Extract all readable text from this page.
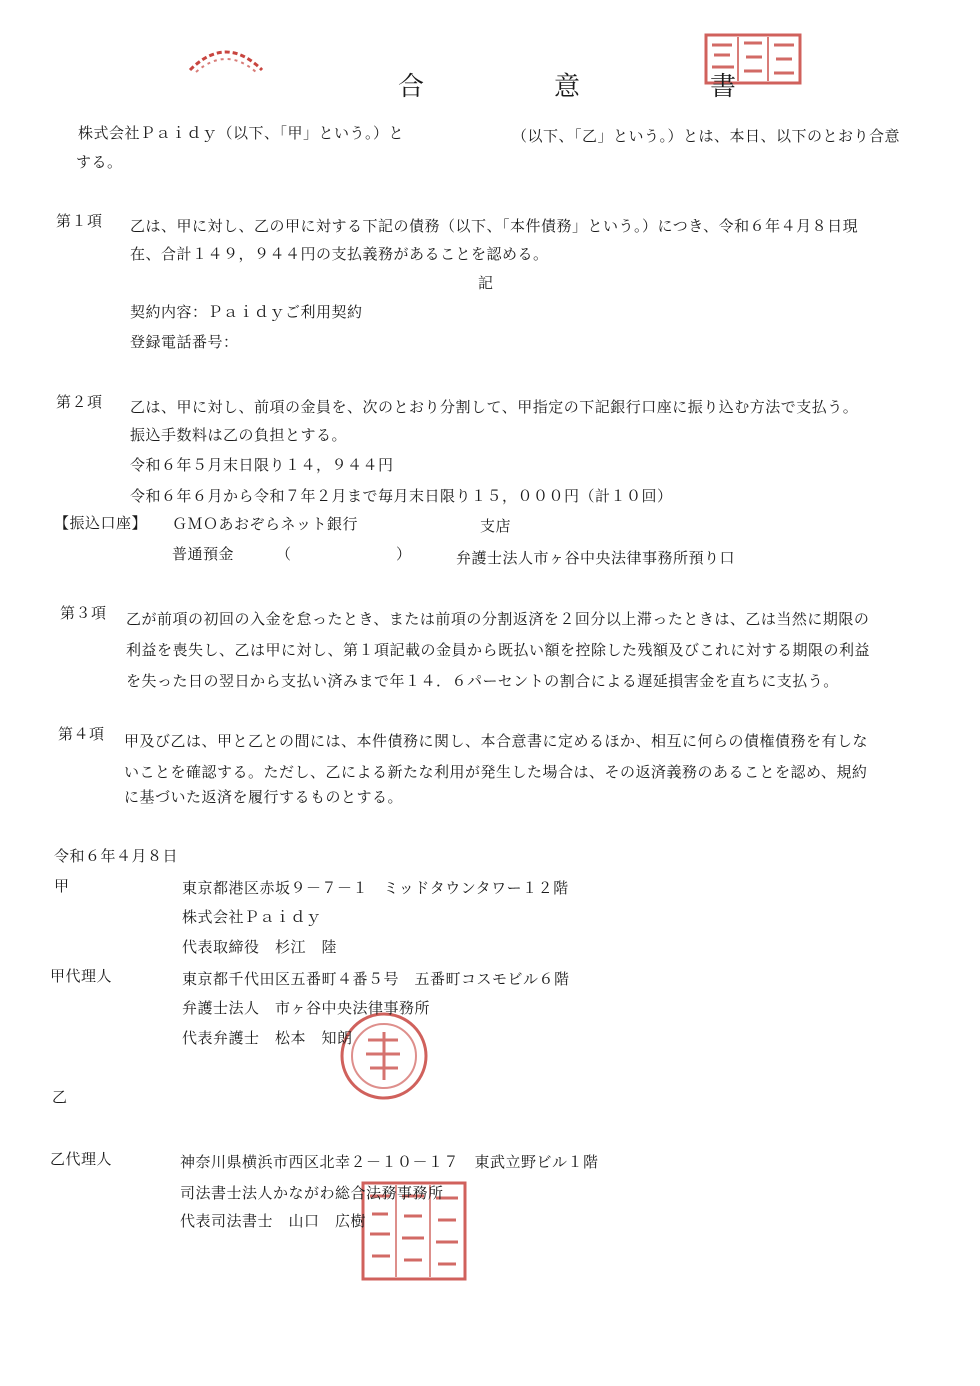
合　意　書
株式会社Ｐａｉｄｙ（以下、「甲」という。）と	（以下、「乙」という。）とは、本日、以下のとおり合意
する。
第１項 乙は、甲に対し、乙の甲に対する下記の債務（以下、「本件債務」という。）につき、令和６年４月８日現
在、合計１４９，９４４円の支払義務があることを認める。
記
契約内容：Ｐａｉｄｙご利用契約
登録電話番号：
第２項 乙は、甲に対し、前項の金員を、次のとおり分割して、甲指定の下記銀行口座に振り込む方法で支払う。
振込手数料は乙の負担とする。
令和６年５月末日限り１４，９４４円
令和６年６月から令和７年２月まで毎月末日限り１５，０００円（計１０回）
【振込口座】 ＧＭＯあおぞらネット銀行	支店
普通預金	（	）	弁護士法人市ヶ谷中央法律事務所預り口
第３項 乙が前項の初回の入金を怠ったとき、または前項の分割返済を２回分以上滞ったときは、乙は当然に期限の
利益を喪失し、乙は甲に対し、第１項記載の金員から既払い額を控除した残額及びこれに対する期限の利益
を失った日の翌日から支払い済みまで年１４．６パーセントの割合による遅延損害金を直ちに支払う。
第４項 甲及び乙は、甲と乙との間には、本件債務に関し、本合意書に定めるほか、相互に何らの債権債務を有しな
いことを確認する。ただし、乙による新たな利用が発生した場合は、その返済義務のあることを認め、規約
に基づいた返済を履行するものとする。
令和６年４月８日
甲	東京都港区赤坂９－７－１　ミッドタウンタワー１２階
株式会社Ｐａｉｄｙ
代表取締役　杉江　陸
甲代理人	東京都千代田区五番町４番５号　五番町コスモビル６階
弁護士法人　市ヶ谷中央法律事務所
代表弁護士　松本　知朗
乙
乙代理人	神奈川県横浜市西区北幸２－１０－１７　東武立野ビル１階
司法書士法人かながわ総合法務事務所
代表司法書士　山口　広樹
